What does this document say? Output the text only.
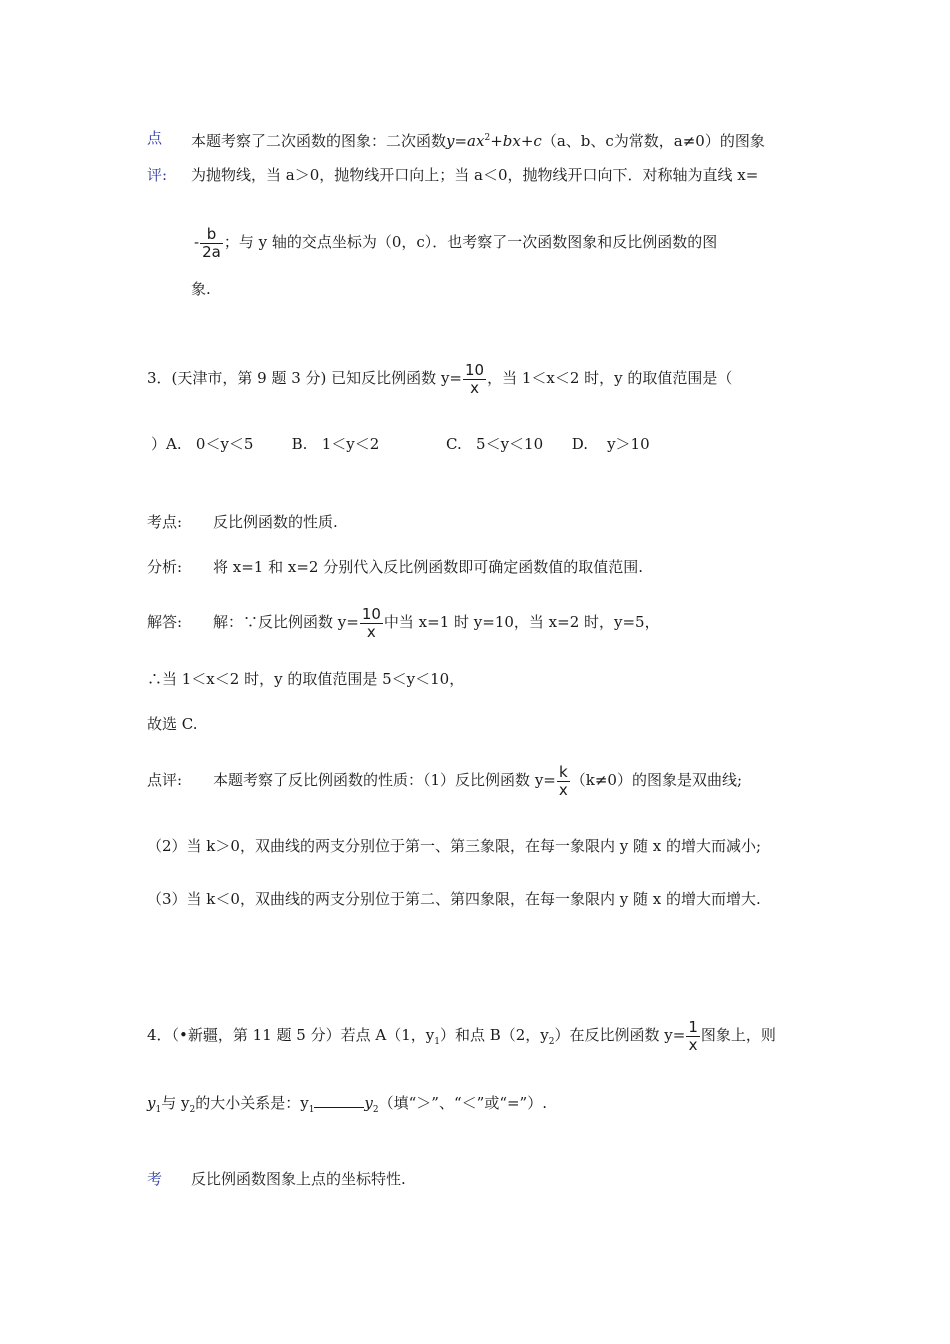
点
评:
本题考察了二次函数的图象：二次函数$y=ax^2+bx+c(a$、b、c为常数，a≠0）的图象
为抛物线，当 a＞0，抛物线开口向上；当 a＜0，抛物线开口向下．对称轴为直线 x=
- $\frac{b}{2a}$ ；与 y 轴的交点坐标为（0，c）．也考察了一次函数图象和反比例函数的图
象.
3．(天津市，第 9 题 3 分) 已知反比例函数 $y= \frac{10}{x}$ ，当 1＜x＜2 时，y 的取值范围是（
）A.   0＜y＜5        B.   1＜y＜2              C.   5＜y＜10      D.    y＞10
考点: 反比例函数的性质.
分析: 将 x=1 和 x=2 分别代入反比例函数即可确定函数值的取值范围.
解答: 解：∵反比例函数 $y= \frac{10}{x}$ 中当 x=1 时 y=10，当 x=2 时，y=5，
∴当 1＜x＜2 时，y 的取值范围是 5＜y＜10，
故选 C.
点评: 本题考察了反比例函数的性质：（1）反比例函数 $y= \frac{k}{x} (k\ne 0)$的图象是双曲线;
（2）当 k＞0，双曲线的两支分别位于第一、第三象限，在每一象限内 y 随 x 的增大而减小;
（3）当 k＜0，双曲线的两支分别位于第二、第四象限，在每一象限内 y 随 x 的增大而增大.
4．（•新疆，第 11 题 5 分）若点 A（1，$y_1$）和点 B（2，$y_2$）在反比例函数 $y= \frac{1}{x}$ 图象上，则
$y_1$与 $y_2$的大小关系是：$y_1$	$y_2$（填“＞”、“＜”或“=”）.
考 反比例函数图象上点的坐标特性.
